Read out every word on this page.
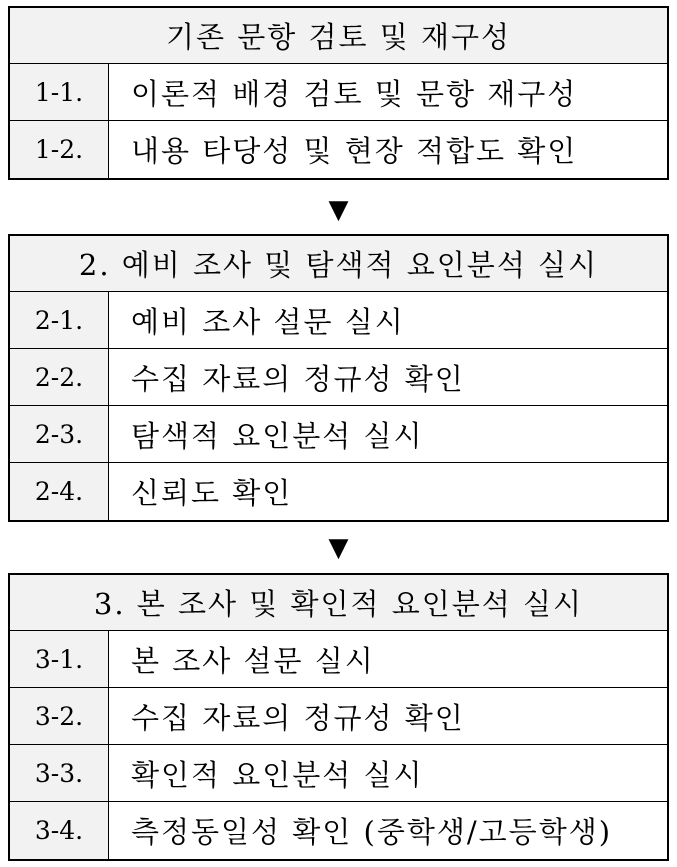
기존 문항 검토 및 재구성
1-1.	이론적 배경 검토 및 문항 재구성
1-2.	내용 타당성 및 현장 적합도 확인
▼
2. 예비 조사 및 탐색적 요인분석 실시
2-1.	예비 조사 설문 실시
2-2.	수집 자료의 정규성 확인
2-3.	탐색적 요인분석 실시
2-4.	신뢰도 확인
▼
3. 본 조사 및 확인적 요인분석 실시
3-1.	본 조사 설문 실시
3-2.	수집 자료의 정규성 확인
3-3.	확인적 요인분석 실시
3-4.	측정동일성 확인 (중학생/고등학생)
